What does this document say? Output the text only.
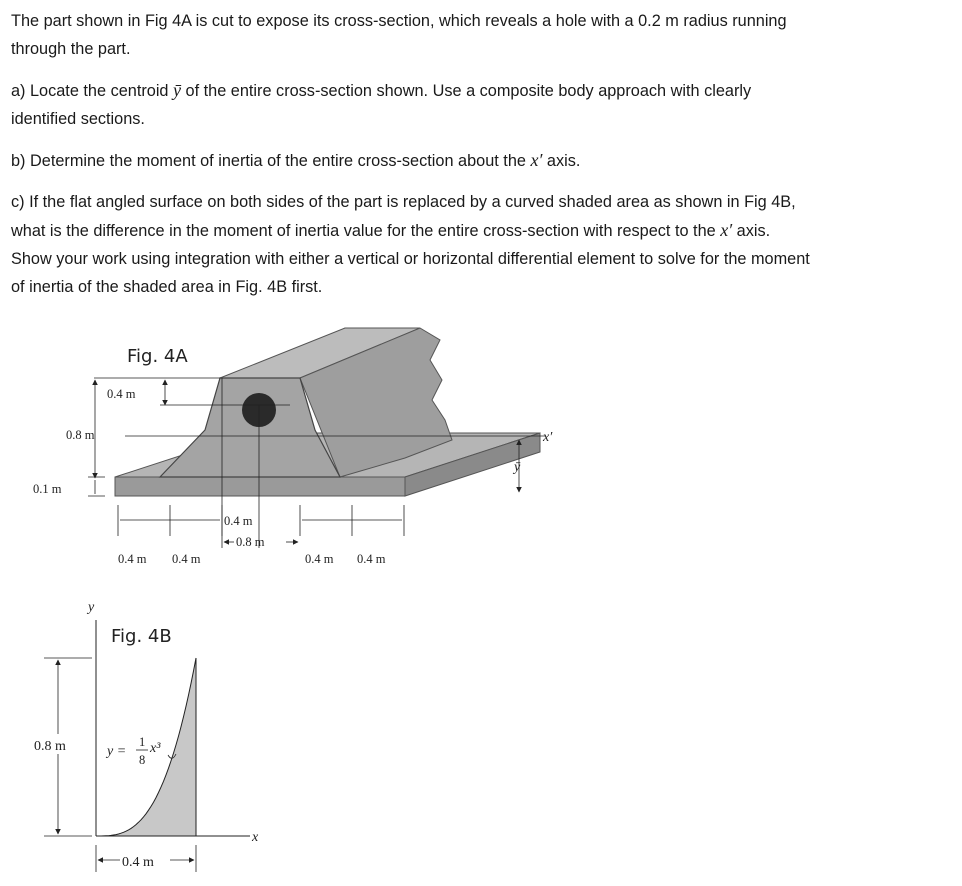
The part shown in Fig 4A is cut to expose its cross-section, which reveals a hole with a 0.2 m radius running
through the part.

a) Locate the centroid ȳ of the entire cross-section shown. Use a composite body approach with clearly
identified sections.

b) Determine the moment of inertia of the entire cross-section about the x′ axis.

c) If the flat angled surface on both sides of the part is replaced by a curved shaded area as shown in Fig 4B,
what is the difference in the moment of inertia value for the entire cross-section with respect to the x′ axis.
Show your work using integration with either a vertical or horizontal differential element to solve for the moment
of inertia of the shaded area in Fig. 4B first.

Fig. 4A
0.8 m
0.1 m
0.4 m
ȳ
x′
0.4 m 0.4 m	0.4 m 0.4 m
0.4 m
0.8 m
Fig. 4B
y
x
0.8 m
0.4 m
y =
1
8
x³
